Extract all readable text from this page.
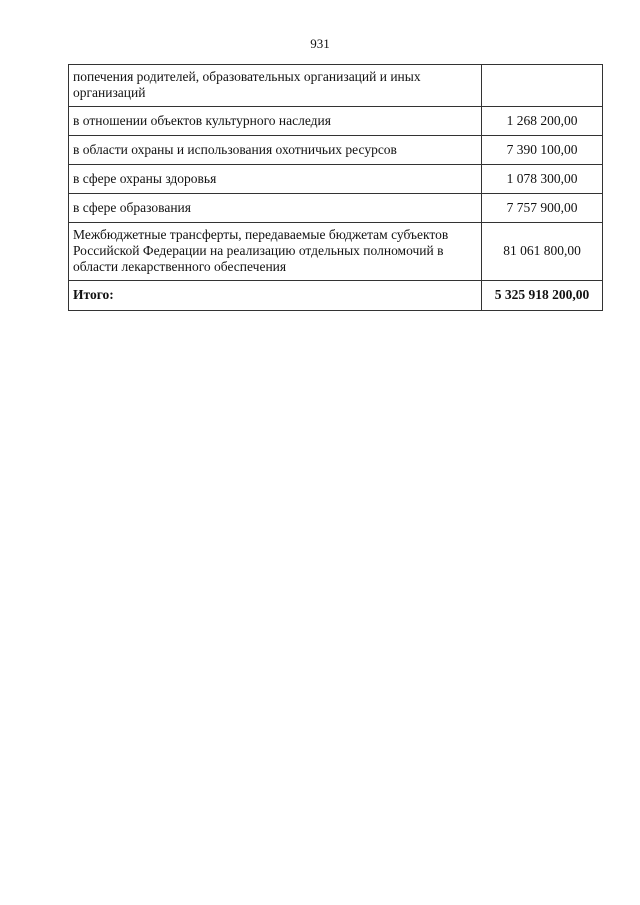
931
попечения родителей, образовательных организаций и иных организаций	
в отношении объектов культурного наследия	1 268 200,00
в области охраны и использования охотничьих ресурсов	7 390 100,00
в сфере охраны здоровья	1 078 300,00
в сфере образования	7 757 900,00
Межбюджетные трансферты, передаваемые бюджетам субъектов Российской Федерации на реализацию отдельных полномочий в области лекарственного обеспечения	81 061 800,00
Итого:	5 325 918 200,00
